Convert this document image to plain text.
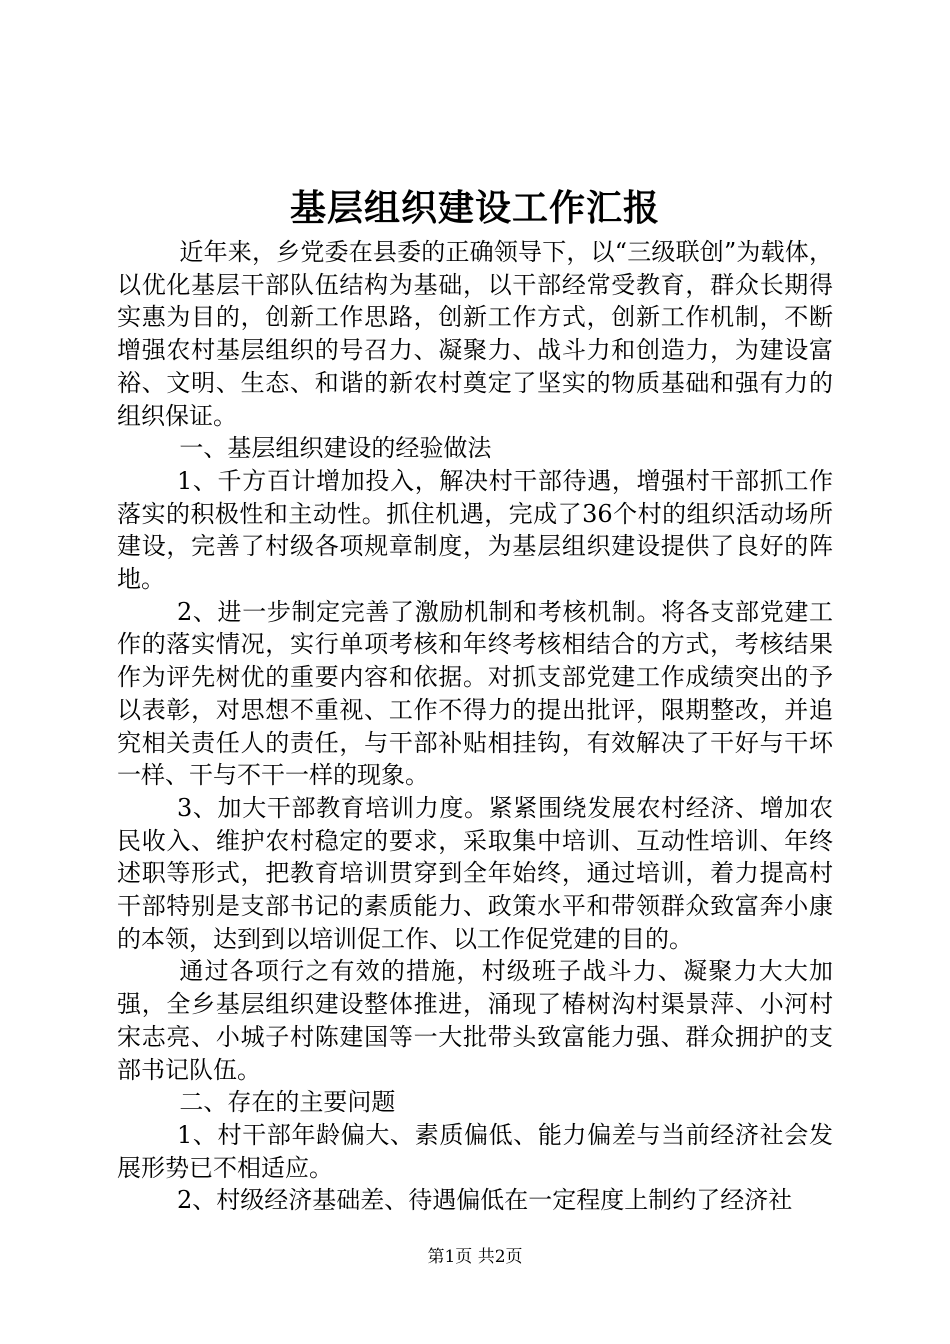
基层组织建设工作汇报

近年来，乡党委在县委的正确领导下，以“三级联创”为载体，以优化基层干部队伍结构为基础，以干部经常受教育，群众长期得实惠为目的，创新工作思路，创新工作方式，创新工作机制，不断增强农村基层组织的号召力、凝聚力、战斗力和创造力，为建设富裕、文明、生态、和谐的新农村奠定了坚实的物质基础和强有力的组织保证。

一、基层组织建设的经验做法

1、千方百计增加投入，解决村干部待遇，增强村干部抓工作落实的积极性和主动性。抓住机遇，完成了36个村的组织活动场所建设，完善了村级各项规章制度，为基层组织建设提供了良好的阵地。

2、进一步制定完善了激励机制和考核机制。将各支部党建工作的落实情况，实行单项考核和年终考核相结合的方式，考核结果作为评先树优的重要内容和依据。对抓支部党建工作成绩突出的予以表彰，对思想不重视、工作不得力的提出批评，限期整改，并追究相关责任人的责任，与干部补贴相挂钩，有效解决了干好与干坏一样、干与不干一样的现象。

3、加大干部教育培训力度。紧紧围绕发展农村经济、增加农民收入、维护农村稳定的要求，采取集中培训、互动性培训、年终述职等形式，把教育培训贯穿到全年始终，通过培训，着力提高村干部特别是支部书记的素质能力、政策水平和带领群众致富奔小康的本领，达到到以培训促工作、以工作促党建的目的。

通过各项行之有效的措施，村级班子战斗力、凝聚力大大加强，全乡基层组织建设整体推进，涌现了椿树沟村渠景萍、小河村宋志亮、小城子村陈建国等一大批带头致富能力强、群众拥护的支部书记队伍。

二、存在的主要问题

1、村干部年龄偏大、素质偏低、能力偏差与当前经济社会发展形势已不相适应。

2、村级经济基础差、待遇偏低在一定程度上制约了经济社

第1页 共2页
